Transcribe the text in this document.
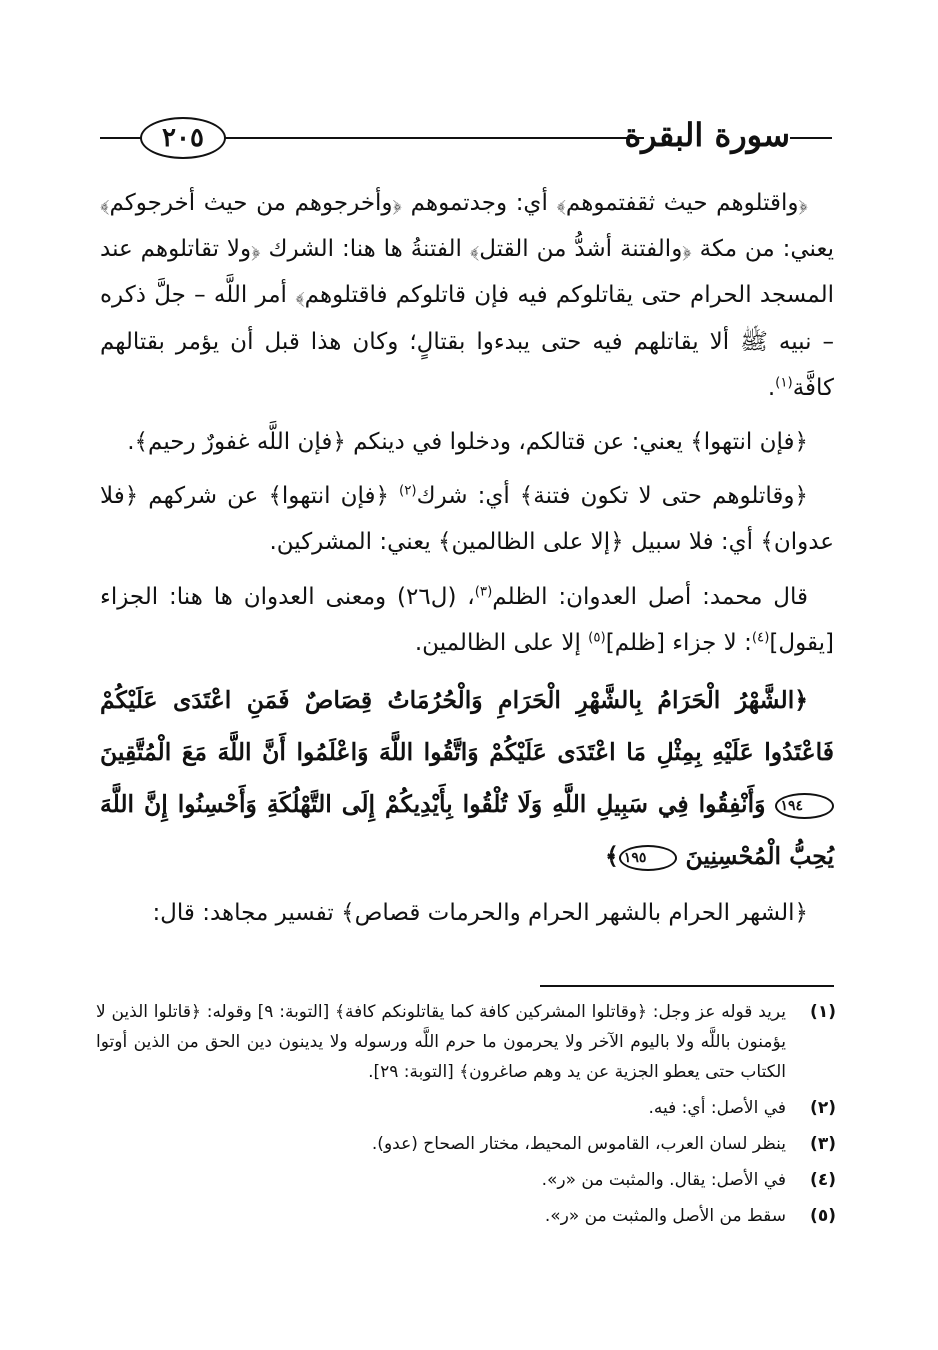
٢٠٥	سورة البقرة

﴿واقتلوهم حيث ثقفتموهم﴾ أي: وجدتموهم ﴿وأخرجوهم من حيث أخرجوكم﴾ يعني: من مكة ﴿والفتنة أشدُّ من القتل﴾ الفتنةُ ها هنا: الشرك ﴿ولا تقاتلوهم عند المسجد الحرام حتى يقاتلوكم فيه فإن قاتلوكم فاقتلوهم﴾ أمر اللَّه – جلَّ ذكره – نبيه ﷺ ألا يقاتلهم فيه حتى يبدءوا بقتالٍ؛ وكان هذا قبل أن يؤمر بقتالهم كافَّة$^{(١)}$.

﴿فإن انتهوا﴾ يعني: عن قتالكم، ودخلوا في دينكم ﴿فإن اللَّه غفورٌ رحيم﴾.

﴿وقاتلوهم حتى لا تكون فتنة﴾ أي: شرك$^{(٢)}$ ﴿فإن انتهوا﴾ عن شركهم ﴿فلا عدوان﴾ أي: فلا سبيل ﴿إلا على الظالمين﴾ يعني: المشركين.

قال محمد: أصل العدوان: الظلم$^{(٣)}$، (ل٢٦) ومعنى العدوان ها هنا: الجزاء [يقول]$^{(٤)}$: لا جزاء [ظلم]$^{(٥)}$ إلا على الظالمين.

﴿الشَّهْرُ الْحَرَامُ بِالشَّهْرِ الْحَرَامِ وَالْحُرُمَاتُ قِصَاصٌ فَمَنِ اعْتَدَى عَلَيْكُمْ فَاعْتَدُوا عَلَيْهِ بِمِثْلِ مَا اعْتَدَى عَلَيْكُمْ وَاتَّقُوا اللَّهَ وَاعْلَمُوا أَنَّ اللَّهَ مَعَ الْمُتَّقِينَ ١٩٤ وَأَنْفِقُوا فِي سَبِيلِ اللَّهِ وَلَا تُلْقُوا بِأَيْدِيكُمْ إِلَى التَّهْلُكَةِ وَأَحْسِنُوا إِنَّ اللَّهَ يُحِبُّ الْمُحْسِنِينَ ١٩٥﴾

﴿الشهر الحرام بالشهر الحرام والحرمات قصاص﴾ تفسير مجاهد: قال:

(١)
يريد قوله عز وجل: ﴿وقاتلوا المشركين كافة كما يقاتلونكم كافة﴾ [التوبة: ٩] وقوله: ﴿قاتلوا الذين لا يؤمنون باللَّه ولا باليوم الآخر ولا يحرمون ما حرم اللَّه ورسوله ولا يدينون دين الحق من الذين أوتوا الكتاب حتى يعطو الجزية عن يد وهم صاغرون﴾ [التوبة: ٢٩].
(٢)
في الأصل: أي: فيه.
(٣)
ينظر لسان العرب، القاموس المحيط، مختار الصحاح (عدو).
(٤)
في الأصل: يقال. والمثبت من «ر».
(٥)
سقط من الأصل والمثبت من «ر».
